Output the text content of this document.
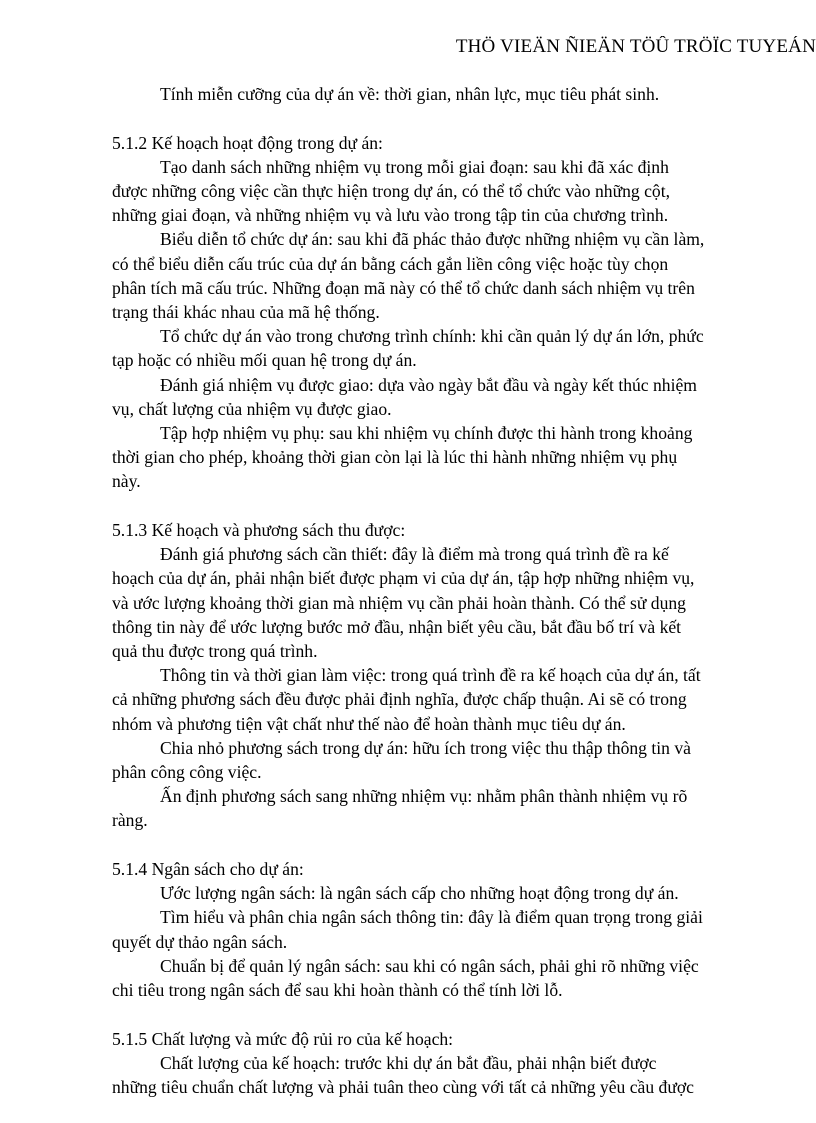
THÖ VIEÄN ÑIEÄN TÖÛ TRÖÏC TUYEÁN

Tính miễn cưỡng của dự án về: thời gian, nhân lực, mục tiêu phát sinh.

5.1.2 Kế hoạch hoạt động trong dự án:

Tạo danh sách những nhiệm vụ trong mỗi giai đoạn: sau khi đã xác định

được những công việc cần thực hiện trong dự án, có thể tổ chức vào những cột,

những giai đoạn, và những nhiệm vụ và lưu vào trong tập tin của chương trình.

Biểu diễn tổ chức dự án: sau khi đã phác thảo được những nhiệm vụ cần làm,

có thể biểu diễn cấu trúc của dự án bằng cách gắn liền công việc hoặc tùy chọn

phân tích mã cấu trúc. Những đoạn mã này có thể tổ chức danh sách nhiệm vụ trên

trạng thái khác nhau của mã hệ thống.

Tổ chức dự án vào trong chương trình chính: khi cần quản lý dự án lớn, phức

tạp hoặc có nhiều mối quan hệ trong dự án.

Đánh giá nhiệm vụ được giao: dựa vào ngày bắt đầu và ngày kết thúc nhiệm

vụ, chất lượng của nhiệm vụ được giao.

Tập hợp nhiệm vụ phụ: sau khi nhiệm vụ chính được thi hành trong khoảng

thời gian cho phép, khoảng thời gian còn lại là lúc thi hành những nhiệm vụ phụ

này.

5.1.3 Kế hoạch và phương sách thu được:

Đánh giá phương sách cần thiết: đây là điểm mà trong quá trình đề ra kế

hoạch của dự án, phải nhận biết được phạm vi của dự án, tập hợp những nhiệm vụ,

và ước lượng khoảng thời gian mà nhiệm vụ cần phải hoàn thành. Có thể sử dụng

thông tin này để ước lượng bước mở đầu, nhận biết yêu cầu, bắt đầu bố trí và kết

quả thu được trong quá trình.

Thông tin và thời gian làm việc: trong quá trình đề ra kế hoạch của dự án, tất

cả những phương sách đều được phải định nghĩa, được chấp thuận. Ai sẽ có trong

nhóm và phương tiện vật chất như thế nào để hoàn thành mục tiêu dự án.

Chia nhỏ phương sách trong dự án: hữu ích trong việc thu thập thông tin và

phân công công việc.

Ấn định phương sách sang những nhiệm vụ: nhằm phân thành nhiệm vụ rõ

ràng.

5.1.4 Ngân sách cho dự án:

Ước lượng ngân sách: là ngân sách cấp cho những hoạt động trong dự án.

Tìm hiểu và phân chia ngân sách thông tin: đây là điểm quan trọng trong giải

quyết dự thảo ngân sách.

Chuẩn bị để quản lý ngân sách: sau khi có ngân sách, phải ghi rõ những việc

chi tiêu trong ngân sách để sau khi hoàn thành có thể tính lời lỗ.

5.1.5 Chất lượng và mức độ rủi ro của kế hoạch:

Chất lượng của kế hoạch: trước khi dự án bắt đầu, phải nhận biết được

những tiêu chuẩn chất lượng và phải tuân theo cùng với tất cả những yêu cầu được
